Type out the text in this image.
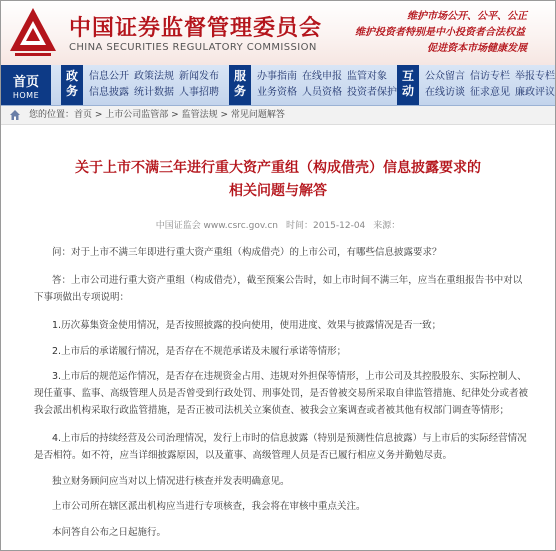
中国证券监督管理委员会
CHINA SECURITIES REGULATORY COMMISSION
维护市场公开、公平、公正
维护投资者特别是中小投资者合法权益
促进资本市场健康发展
首页
HOME
政
务
信息公开 政策法规 新闻发布
信息披露 统计数据 人事招聘
服
务
办事指南 在线申报 监管对象
业务资格 人员资格 投资者保护
互
动
公众留言 信访专栏 举报专栏
在线访谈 征求意见 廉政评议
您的位置：首页 > 上市公司监管部 > 监管法规 > 常见问题解答
关于上市不满三年进行重大资产重组（构成借壳）信息披露要求的
相关问题与解答
中国证监会 www.csrc.gov.cn 时间：2015-12-04 来源：
问：对于上市不满三年即进行重大资产重组（构成借壳）的上市公司，有哪些信息披露要求？
答：上市公司进行重大资产重组（构成借壳），截至预案公告时，如上市时间不满三年，应当在重组报告书中对以
下事项做出专项说明：
1.历次募集资金使用情况，是否按照披露的投向使用，使用进度、效果与披露情况是否一致；
2.上市后的承诺履行情况，是否存在不规范承诺及未履行承诺等情形；
3.上市后的规范运作情况，是否存在违规资金占用、违规对外担保等情形，上市公司及其控股股东、实际控制人、
现任董事、监事、高级管理人员是否曾受到行政处罚、刑事处罚，是否曾被交易所采取自律监管措施、纪律处分或者被
我会派出机构采取行政监管措施，是否正被司法机关立案侦查、被我会立案调查或者被其他有权部门调查等情形；
4.上市后的持续经营及公司治理情况，发行上市时的信息披露（特别是预测性信息披露）与上市后的实际经营情况
是否相符。如不符，应当详细披露原因，以及董事、高级管理人员是否已履行相应义务并勤勉尽责。
独立财务顾问应当对以上情况进行核查并发表明确意见。
上市公司所在辖区派出机构应当进行专项核查，我会将在审核中重点关注。
本问答自公布之日起施行。
